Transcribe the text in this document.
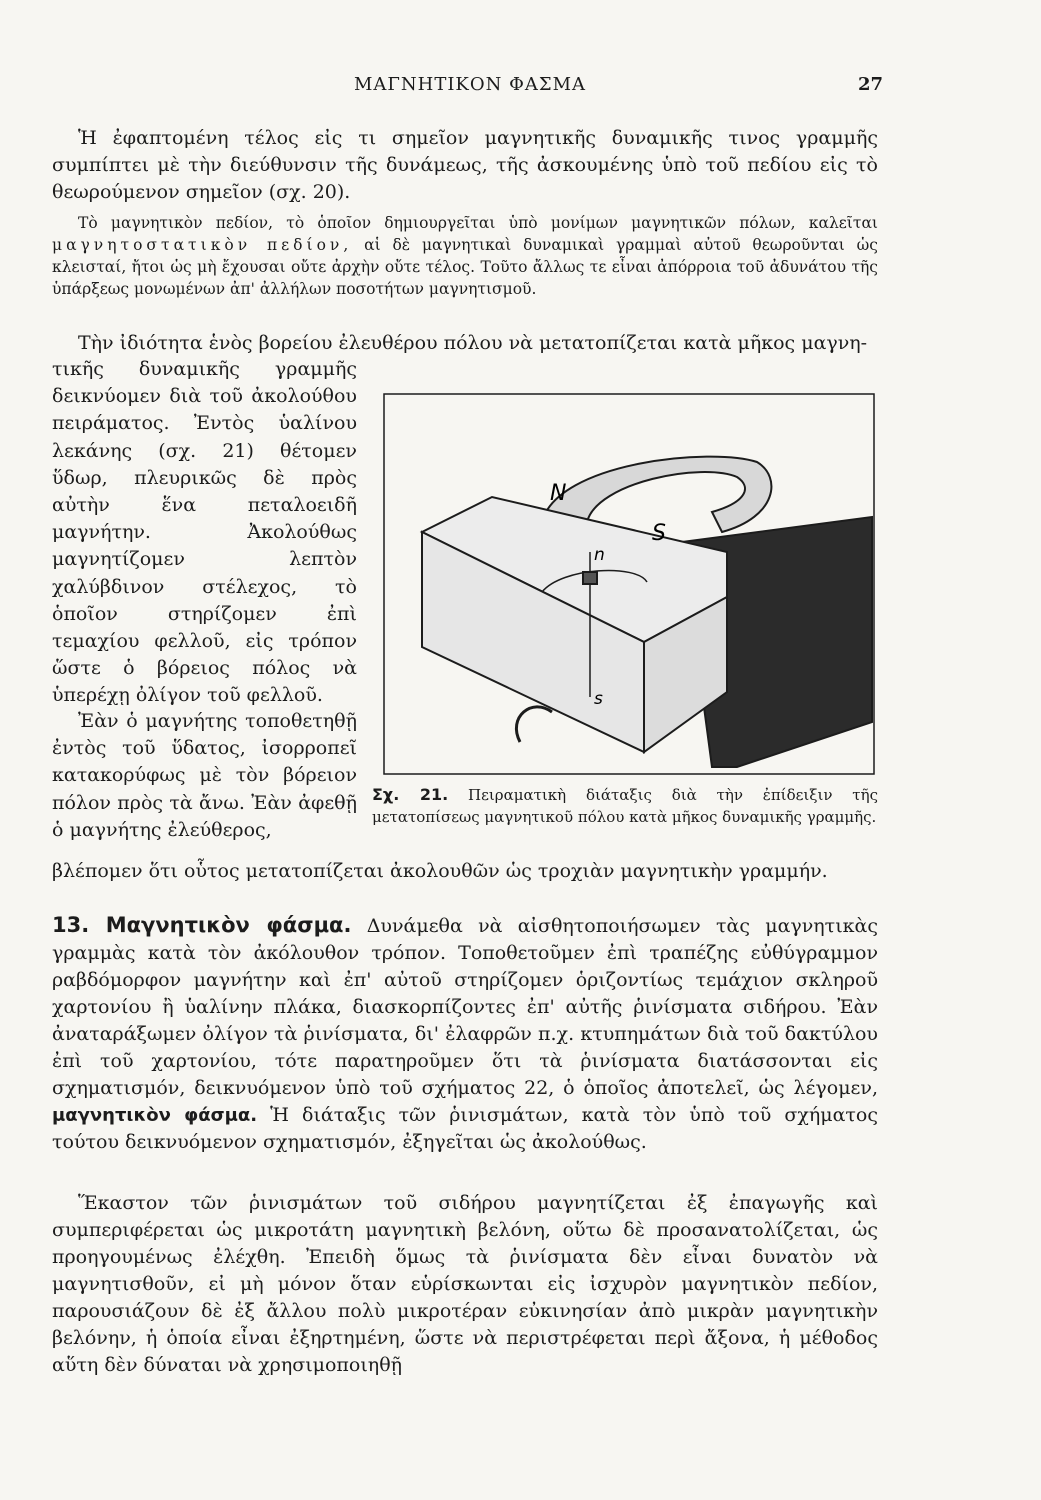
ΜΑΓΝΗΤΙΚΟΝ ΦΑΣΜΑ	27
Ἡ ἐφαπτομένη τέλος εἰς τι σημεῖον μαγνητικῆς δυναμικῆς τινος γραμμῆς συμπίπτει μὲ τὴν διεύθυνσιν τῆς δυνάμεως, τῆς ἀσκουμένης ὑπὸ τοῦ πεδίου εἰς τὸ θεωρούμενον σημεῖον (σχ. 20).
Τὸ μαγνητικὸν πεδίον, τὸ ὁποῖον δημιουργεῖται ὑπὸ μονίμων μαγνητικῶν πόλων, καλεῖται μαγνητοστατικὸν πεδίον, αἱ δὲ μαγνητικαὶ δυναμικαὶ γραμμαὶ αὐτοῦ θεωροῦνται ὡς κλεισταί, ἤτοι ὡς μὴ ἔχουσαι οὔτε ἀρχὴν οὔτε τέλος. Τοῦτο ἄλλως τε εἶναι ἀπόρροια τοῦ ἀδυνάτου τῆς ὑπάρξεως μονωμένων ἀπ' ἀλλήλων ποσοτήτων μαγνητισμοῦ.
Τὴν ἰδιότητα ἑνὸς βορείου ἐλευθέρου πόλου νὰ μετατοπίζεται κατὰ μῆκος μαγνη-
τικῆς δυναμικῆς γραμμῆς δεικνύομεν διὰ τοῦ ἀκολούθου πειράματος. Ἐντὸς ὑαλίνου λεκάνης (σχ. 21) θέτομεν ὕδωρ, πλευρικῶς δὲ πρὸς αὐτὴν ἕνα πεταλοειδῆ μαγνήτην. Ἀκολούθως μαγνητίζομεν λεπτὸν χαλύβδινον στέλεχος, τὸ ὁποῖον στηρίζομεν ἐπὶ τεμαχίου φελλοῦ, εἰς τρόπον ὥστε ὁ βόρειος πόλος νὰ ὑπερέχῃ ὀλίγον τοῦ φελλοῦ.
Ἐὰν ὁ μαγνήτης τοποθετηθῇ ἐντὸς τοῦ ὕδατος, ἰσορροπεῖ κατακορύφως μὲ τὸν βόρειον πόλον πρὸς τὰ ἄνω. Ἐὰν ἀφεθῇ ὁ μαγνήτης ἐλεύθερος,
βλέπομεν ὅτι οὗτος μετατοπίζεται ἀκολουθῶν ὡς τροχιὰν μαγνητικὴν γραμμήν.
N
S
n
s
Σχ. 21. Πειραματικὴ διάταξις διὰ τὴν ἐπίδειξιν τῆς μετατοπίσεως μαγνητικοῦ πόλου κατὰ μῆκος δυναμικῆς γραμμῆς.
13. Μαγνητικὸν φάσμα. Δυνάμεθα νὰ αἰσθητοποιήσωμεν τὰς μαγνητικὰς γραμμὰς κατὰ τὸν ἀκόλουθον τρόπον. Τοποθετοῦμεν ἐπὶ τραπέζης εὐθύγραμμον ραβδόμορφον μαγνήτην καὶ ἐπ' αὐτοῦ στηρίζομεν ὁριζοντίως τεμάχιον σκληροῦ χαρτονίου ἢ ὑαλίνην πλάκα, διασκορπίζοντες ἐπ' αὐτῆς ῥινίσματα σιδήρου. Ἐὰν ἀναταράξωμεν ὀλίγον τὰ ῥινίσματα, δι' ἐλαφρῶν π.χ. κτυπημάτων διὰ τοῦ δακτύλου ἐπὶ τοῦ χαρτονίου, τότε παρατηροῦμεν ὅτι τὰ ῥινίσματα διατάσσονται εἰς σχηματισμόν, δεικνυόμενον ὑπὸ τοῦ σχήματος 22, ὁ ὁποῖος ἀποτελεῖ, ὡς λέγομεν, μαγνητικὸν φάσμα. Ἡ διάταξις τῶν ῥινισμάτων, κατὰ τὸν ὑπὸ τοῦ σχήματος τούτου δεικνυόμενον σχηματισμόν, ἐξηγεῖται ὡς ἀκολούθως.
Ἕκαστον τῶν ῥινισμάτων τοῦ σιδήρου μαγνητίζεται ἐξ ἐπαγωγῆς καὶ συμπεριφέρεται ὡς μικροτάτη μαγνητικὴ βελόνη, οὕτω δὲ προσανατολίζεται, ὡς προηγουμένως ἐλέχθη. Ἐπειδὴ ὅμως τὰ ῥινίσματα δὲν εἶναι δυνατὸν νὰ μαγνητισθοῦν, εἰ μὴ μόνον ὅταν εὑρίσκωνται εἰς ἰσχυρὸν μαγνητικὸν πεδίον, παρουσιάζουν δὲ ἐξ ἄλλου πολὺ μικροτέραν εὐκινησίαν ἀπὸ μικρὰν μαγνητικὴν βελόνην, ἡ ὁποία εἶναι ἐξηρτημένη, ὥστε νὰ περιστρέφεται περὶ ἄξονα, ἡ μέθοδος αὕτη δὲν δύναται νὰ χρησιμοποιηθῇ
